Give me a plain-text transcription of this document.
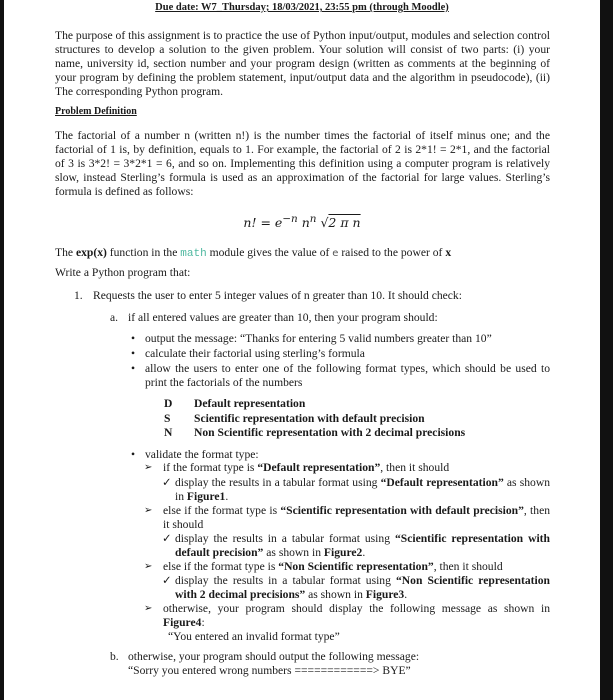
Due date: W7_Thursday; 18/03/2021, 23:55 pm (through Moodle)
The purpose of this assignment is to practice the use of Python input/output, modules and selection control structures to develop a solution to the given problem. Your solution will consist of two parts: (i) your name, university id, section number and your program design (written as comments at the beginning of your program by defining the problem statement, input/output data and the algorithm in pseudocode), (ii) The corresponding Python program.
Problem Definition
The factorial of a number n (written n!) is the number times the factorial of itself minus one; and the factorial of 1 is, by definition, equals to 1. For example, the factorial of 2 is 2*1! = 2*1, and the factorial of 3 is 3*2! = 3*2*1 = 6, and so on. Implementing this definition using a computer program is relatively slow, instead Sterling’s formula is used as an approximation of the factorial for large values. Sterling’s formula is defined as follows:
n! = $e^{-n}$ $n^n$ √2 π n
The exp(x) function in the math module gives the value of e raised to the power of x
Write a Python program that:
1. Requests the user to enter 5 integer values of n greater than 10. It should check:
a. if all entered values are greater than 10, then your program should:
• output the message: “Thanks for entering 5 valid numbers greater than 10”
• calculate their factorial using sterling’s formula
• allow the users to enter one of the following format types, which should be used to print the factorials of the numbers
D Default representation
S Scientific representation with default precision
N Non Scientific representation with 2 decimal precisions
• validate the format type:
➢ if the format type is “Default representation”, then it should
✓ display the results in a tabular format using “Default representation” as shown in Figure1.
➢ else if the format type is “Scientific representation with default precision”, then it should
✓ display the results in a tabular format using “Scientific representation with default precision” as shown in Figure2.
➢ else if the format type is “Non Scientific representation”, then it should
✓ display the results in a tabular format using “Non Scientific representation with 2 decimal precisions” as shown in Figure3.
➢ otherwise, your program should display the following message as shown in Figure4:
“You entered an invalid format type”
b. otherwise, your program should output the following message:
“Sorry you entered wrong numbers ============> BYE”
